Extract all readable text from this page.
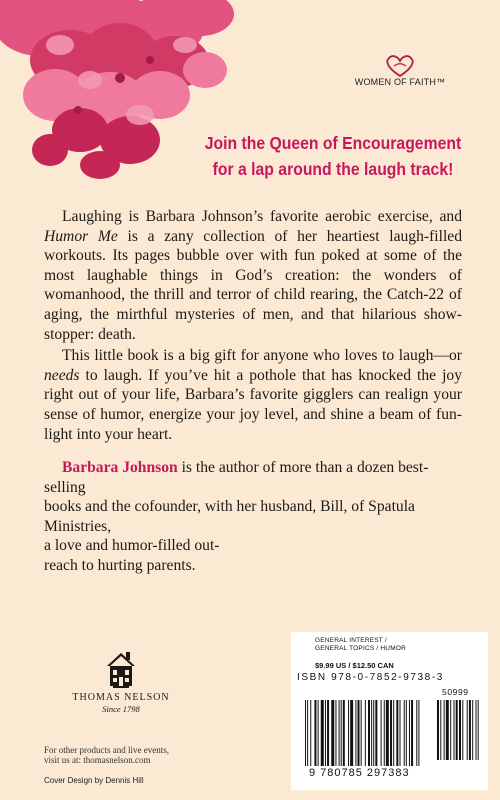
WOMEN OF FAITH™
Join the Queen of Encouragement
for a lap around the laugh track!

Laughing is Barbara Johnson’s favorite aerobic exercise, and Humor Me is a zany collection of her heartiest laugh-filled workouts. Its pages bubble over with fun poked at some of the most laughable things in God’s creation: the wonders of womanhood, the thrill and terror of child rearing, the Catch-22 of aging, the mirthful mysteries of men, and that hilarious show-stopper: death.

This little book is a big gift for anyone who loves to laugh—or needs to laugh. If you’ve hit a pothole that has knocked the joy right out of your life, Barbara’s favorite gigglers can realign your sense of humor, energize your joy level, and shine a beam of fun-light into your heart.

Barbara Johnson is the author of more than a dozen best-selling
books and the cofounder, with her husband, Bill, of Spatula Ministries,
a love and humor-filled out-
reach to hurting parents.
THOMAS NELSON
Since 1798
For other products and live events,
visit us at: thomasnelson.com
Cover Design by Dennis Hill
GENERAL INTEREST /
GENERAL TOPICS / HUMOR
$9.99 US / $12.50 CAN
ISBN 978-0-7852-9738-3
50999
9 780785 297383
